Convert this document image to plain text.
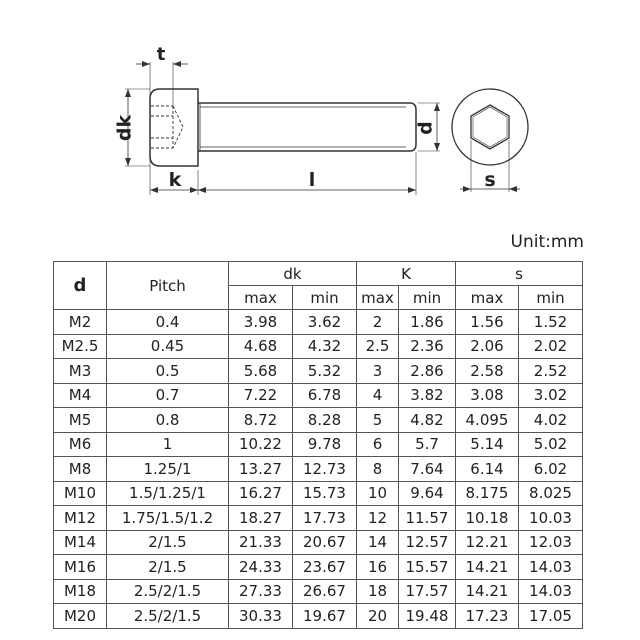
t
dk
k	l
d
s
Unit:mm
d	Pitch	dk		K		s	
		max	min	max	min	max	min
M2	0.4	3.98	3.62	2	1.86	1.56	1.52
M2.5	0.45	4.68	4.32	2.5	2.36	2.06	2.02
M3	0.5	5.68	5.32	3	2.86	2.58	2.52
M4	0.7	7.22	6.78	4	3.82	3.08	3.02
M5	0.8	8.72	8.28	5	4.82	4.095	4.02
M6	1	10.22	9.78	6	5.7	5.14	5.02
M8	1.25/1	13.27	12.73	8	7.64	6.14	6.02
M10	1.5/1.25/1	16.27	15.73	10	9.64	8.175	8.025
M12	1.75/1.5/1.2	18.27	17.73	12	11.57	10.18	10.03
M14	2/1.5	21.33	20.67	14	12.57	12.21	12.03
M16	2/1.5	24.33	23.67	16	15.57	14.21	14.03
M18	2.5/2/1.5	27.33	26.67	18	17.57	14.21	14.03
M20	2.5/2/1.5	30.33	19.67	20	19.48	17.23	17.05
